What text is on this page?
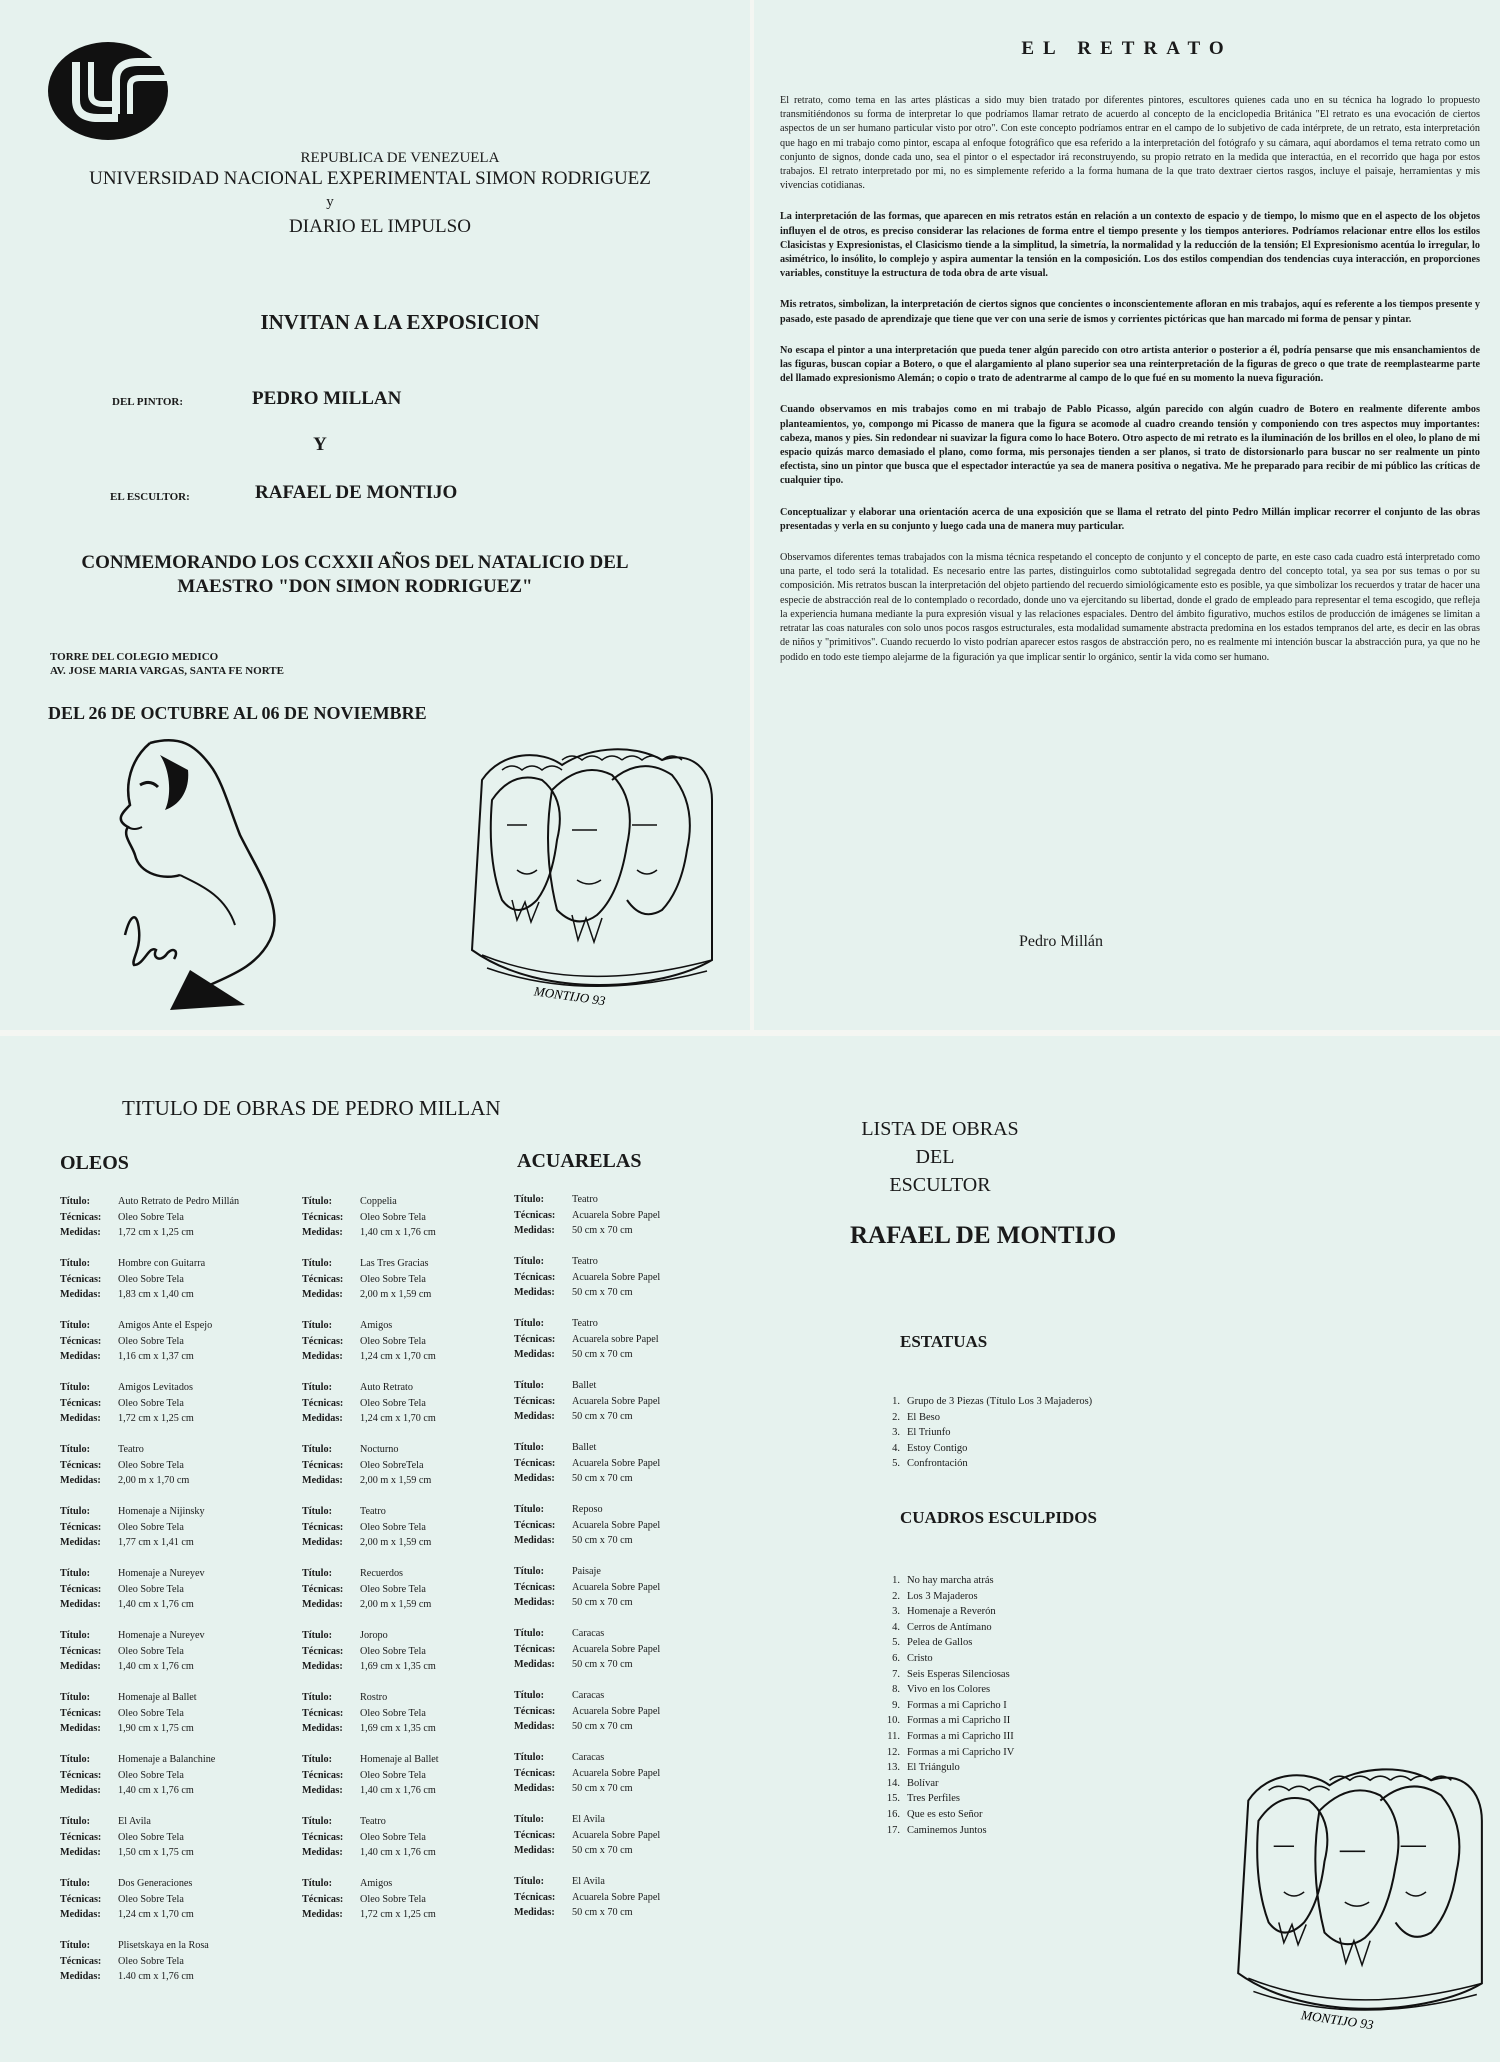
REPUBLICA DE VENEZUELA
UNIVERSIDAD NACIONAL EXPERIMENTAL SIMON RODRIGUEZ
y
DIARIO EL IMPULSO
INVITAN A LA EXPOSICION
DEL PINTOR:	PEDRO MILLAN
Y
EL ESCULTOR:	RAFAEL DE MONTIJO
CONMEMORANDO LOS CCXXII AÑOS DEL NATALICIO DEL
MAESTRO "DON SIMON RODRIGUEZ"
TORRE DEL COLEGIO MEDICO
AV. JOSE MARIA VARGAS, SANTA FE NORTE
DEL 26 DE OCTUBRE AL 06 DE NOVIEMBRE
MONTIJO 93
EL RETRATO

El retrato, como tema en las artes plásticas a sido muy bien tratado por diferentes pintores, escultores quienes cada uno en su técnica ha logrado lo propuesto transmitiéndonos su forma de interpretar lo que podríamos llamar retrato de acuerdo al concepto de la enciclopedia Británica "El retrato es una evocación de ciertos aspectos de un ser humano particular visto por otro". Con este concepto podríamos entrar en el campo de lo subjetivo de cada intérprete, de un retrato, esta interpretación que hago en mi trabajo como pintor, escapa al enfoque fotográfico que esa referido a la interpretación del fotógrafo y su cámara, aquí abordamos el tema retrato como un conjunto de signos, donde cada uno, sea el pintor o el espectador irá reconstruyendo, su propio retrato en la medida que interactúa, en el recorrido que haga por estos trabajos. El retrato interpretado por mi, no es simplemente referido a la forma humana de la que trato dextraer ciertos rasgos, incluye el paisaje, herramientas y mis vivencias cotidianas.

La interpretación de las formas, que aparecen en mis retratos están en relación a un contexto de espacio y de tiempo, lo mismo que en el aspecto de los objetos influyen el de otros, es preciso considerar las relaciones de forma entre el tiempo presente y los tiempos anteriores. Podríamos relacionar entre ellos los estilos Clasicistas y Expresionistas, el Clasicismo tiende a la simplitud, la simetría, la normalidad y la reducción de la tensión; El Expresionismo acentúa lo irregular, lo asimétrico, lo insólito, lo complejo y aspira aumentar la tensión en la composición. Los dos estilos compendian dos tendencias cuya interacción, en proporciones variables, constituye la estructura de toda obra de arte visual.

Mis retratos, simbolizan, la interpretación de ciertos signos que concientes o inconscientemente afloran en mis trabajos, aquí es referente a los tiempos presente y pasado, este pasado de aprendizaje que tiene que ver con una serie de ismos y corrientes pictóricas que han marcado mi forma de pensar y pintar.

No escapa el pintor a una interpretación que pueda tener algún parecido con otro artista anterior o posterior a él, podría pensarse que mis ensanchamientos de las figuras, buscan copiar a Botero, o que el alargamiento al plano superior sea una reinterpretación de la figuras de greco o que trate de reemplastearme parte del llamado expresionismo Alemán; o copio o trato de adentrarme al campo de lo que fué en su momento la nueva figuración.

Cuando observamos en mis trabajos como en mi trabajo de Pablo Picasso, algún parecido con algún cuadro de Botero en realmente diferente ambos planteamientos, yo, compongo mi Picasso de manera que la figura se acomode al cuadro creando tensión y componiendo con tres aspectos muy importantes: cabeza, manos y pies. Sin redondear ni suavizar la figura como lo hace Botero. Otro aspecto de mi retrato es la iluminación de los brillos en el oleo, lo plano de mi espacio quizás marco demasiado el plano, como forma, mis personajes tienden a ser planos, si trato de distorsionarlo para buscar no ser realmente un pinto efectista, sino un pintor que busca que el espectador interactúe ya sea de manera positiva o negativa. Me he preparado para recibir de mi público las críticas de cualquier tipo.

Conceptualizar y elaborar una orientación acerca de una exposición que se llama el retrato del pinto Pedro Millán implicar recorrer el conjunto de las obras presentadas y verla en su conjunto y luego cada una de manera muy particular.

Observamos diferentes temas trabajados con la misma técnica respetando el concepto de conjunto y el concepto de parte, en este caso cada cuadro está interpretado como una parte, el todo será la totalidad. Es necesario entre las partes, distinguirlos como subtotalidad segregada dentro del concepto total, ya sea por sus temas o por su composición. Mis retratos buscan la interpretación del objeto partiendo del recuerdo simiológicamente esto es posible, ya que simbolizar los recuerdos y tratar de hacer una especie de abstracción real de lo contemplado o recordado, donde uno va ejercitando su libertad, donde el grado de empleado para representar el tema escogido, que refleja la experiencia humana mediante la pura expresión visual y las relaciones espaciales. Dentro del ámbito figurativo, muchos estilos de producción de imágenes se limitan a retratar las coas naturales con solo unos pocos rasgos estructurales, esta modalidad sumamente abstracta predomina en los estados tempranos del arte, es decir en las obras de niños y "primitivos". Cuando recuerdo lo visto podrían aparecer estos rasgos de abstracción pero, no es realmente mi intención buscar la abstracción pura, ya que no he podido en todo este tiempo alejarme de la figuración ya que implicar sentir lo orgánico, sentir la vida como ser humano.

Pedro Millán
TITULO DE OBRAS DE PEDRO MILLAN
OLEOS	ACUARELAS
Título:	Auto Retrato de Pedro Millán
Técnicas:	Oleo Sobre Tela
Medidas:	1,72 cm x 1,25 cm
Título:	Hombre con Guitarra
Técnicas:	Oleo Sobre Tela
Medidas:	1,83 cm x 1,40 cm
Título:	Amigos Ante el Espejo
Técnicas:	Oleo Sobre Tela
Medidas:	1,16 cm x 1,37 cm
Título:	Amigos Levitados
Técnicas:	Oleo Sobre Tela
Medidas:	1,72 cm x 1,25 cm
Título:	Teatro
Técnicas:	Oleo Sobre Tela
Medidas:	2,00 m x 1,70 cm
Título:	Homenaje a Nijinsky
Técnicas:	Oleo Sobre Tela
Medidas:	1,77 cm x 1,41 cm
Título:	Homenaje a Nureyev
Técnicas:	Oleo Sobre Tela
Medidas:	1,40 cm x 1,76 cm
Título:	Homenaje a Nureyev
Técnicas:	Oleo Sobre Tela
Medidas:	1,40 cm x 1,76 cm
Título:	Homenaje al Ballet
Técnicas:	Oleo Sobre Tela
Medidas:	1,90 cm x 1,75 cm
Título:	Homenaje a Balanchine
Técnicas:	Oleo Sobre Tela
Medidas:	1,40 cm x 1,76 cm
Título:	El Avila
Técnicas:	Oleo Sobre Tela
Medidas:	1,50 cm x 1,75 cm
Título:	Dos Generaciones
Técnicas:	Oleo Sobre Tela
Medidas:	1,24 cm x 1,70 cm
Título:	Plisetskaya en la Rosa
Técnicas:	Oleo Sobre Tela
Medidas:	1.40 cm x 1,76 cm
Título:	Coppelia
Técnicas:	Oleo Sobre Tela
Medidas:	1,40 cm x 1,76 cm
Título:	Las Tres Gracias
Técnicas:	Oleo Sobre Tela
Medidas:	2,00 m x 1,59 cm
Título:	Amigos
Técnicas:	Oleo Sobre Tela
Medidas:	1,24 cm x 1,70 cm
Título:	Auto Retrato
Técnicas:	Oleo Sobre Tela
Medidas:	1,24 cm x 1,70 cm
Título:	Nocturno
Técnicas:	Oleo SobreTela
Medidas:	2,00 m x 1,59 cm
Título:	Teatro
Técnicas:	Oleo Sobre Tela
Medidas:	2,00 m x 1,59 cm
Título:	Recuerdos
Técnicas:	Oleo Sobre Tela
Medidas:	2,00 m x 1,59 cm
Título:	Joropo
Técnicas:	Oleo Sobre Tela
Medidas:	1,69 cm x 1,35 cm
Título:	Rostro
Técnicas:	Oleo Sobre Tela
Medidas:	1,69 cm x 1,35 cm
Título:	Homenaje al Ballet
Técnicas:	Oleo Sobre Tela
Medidas:	1,40 cm x 1,76 cm
Título:	Teatro
Técnicas:	Oleo Sobre Tela
Medidas:	1,40 cm x 1,76 cm
Título:	Amigos
Técnicas:	Oleo Sobre Tela
Medidas:	1,72 cm x 1,25 cm
Título:	Teatro
Técnicas:	Acuarela Sobre Papel
Medidas:	50 cm x 70 cm
Título:	Teatro
Técnicas:	Acuarela Sobre Papel
Medidas:	50 cm x 70 cm
Título:	Teatro
Técnicas:	Acuarela sobre Papel
Medidas:	50 cm x 70 cm
Título:	Ballet
Técnicas:	Acuarela Sobre Papel
Medidas:	50 cm x 70 cm
Título:	Ballet
Técnicas:	Acuarela Sobre Papel
Medidas:	50 cm x 70 cm
Título:	Reposo
Técnicas:	Acuarela Sobre Papel
Medidas:	50 cm x 70 cm
Título:	Paisaje
Técnicas:	Acuarela Sobre Papel
Medidas:	50 cm x 70 cm
Título:	Caracas
Técnicas:	Acuarela Sobre Papel
Medidas:	50 cm x 70 cm
Título:	Caracas
Técnicas:	Acuarela Sobre Papel
Medidas:	50 cm x 70 cm
Título:	Caracas
Técnicas:	Acuarela Sobre Papel
Medidas:	50 cm x 70 cm
Título:	El Avila
Técnicas:	Acuarela Sobre Papel
Medidas:	50 cm x 70 cm
Título:	El Avila
Técnicas:	Acuarela Sobre Papel
Medidas:	50 cm x 70 cm
LISTA DE OBRAS
DEL
ESCULTOR
RAFAEL DE MONTIJO
ESTATUAS
1. Grupo de 3 Piezas (Título Los 3 Majaderos)
2. El Beso
3. El Triunfo
4. Estoy Contigo
5. Confrontación
CUADROS ESCULPIDOS
1. No hay marcha atrás
2. Los 3 Majaderos
3. Homenaje a Reverón
4. Cerros de Antímano
5. Pelea de Gallos
6. Cristo
7. Seis Esperas Silenciosas
8. Vivo en los Colores
9. Formas a mi Capricho I
10. Formas a mi Capricho II
11. Formas a mi Capricho III
12. Formas a mi Capricho IV
13. El Triángulo
14. Bolívar
15. Tres Perfiles
16. Que es esto Señor
17. Caminemos Juntos
MONTIJO 93
